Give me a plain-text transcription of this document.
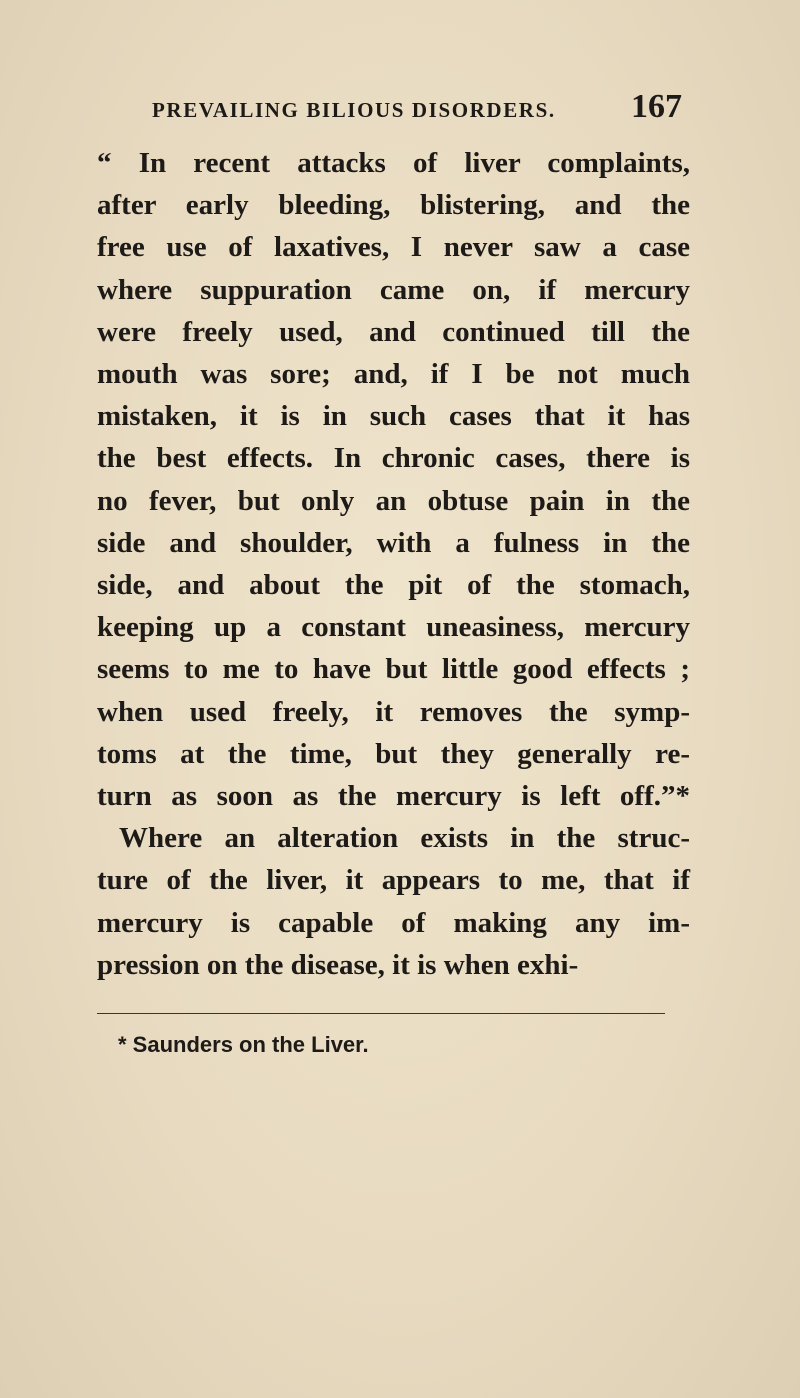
PREVAILING BILIOUS DISORDERS. 167
“ In recent attacks of liver complaints,
after early bleeding, blistering, and the
free use of laxatives, I never saw a case
where suppuration came on, if mercury
were freely used, and continued till the
mouth was sore; and, if I be not much
mistaken, it is in such cases that it has
the best effects. In chronic cases, there is
no fever, but only an obtuse pain in the
side and shoulder, with a fulness in the
side, and about the pit of the stomach,
keeping up a constant uneasiness, mercury
seems to me to have but little good effects ;
when used freely, it removes the symp-
toms at the time, but they generally re-
turn as soon as the mercury is left off.”*
Where an alteration exists in the struc-
ture of the liver, it appears to me, that if
mercury is capable of making any im-
pression on the disease, it is when exhi-
* Saunders on the Liver.
